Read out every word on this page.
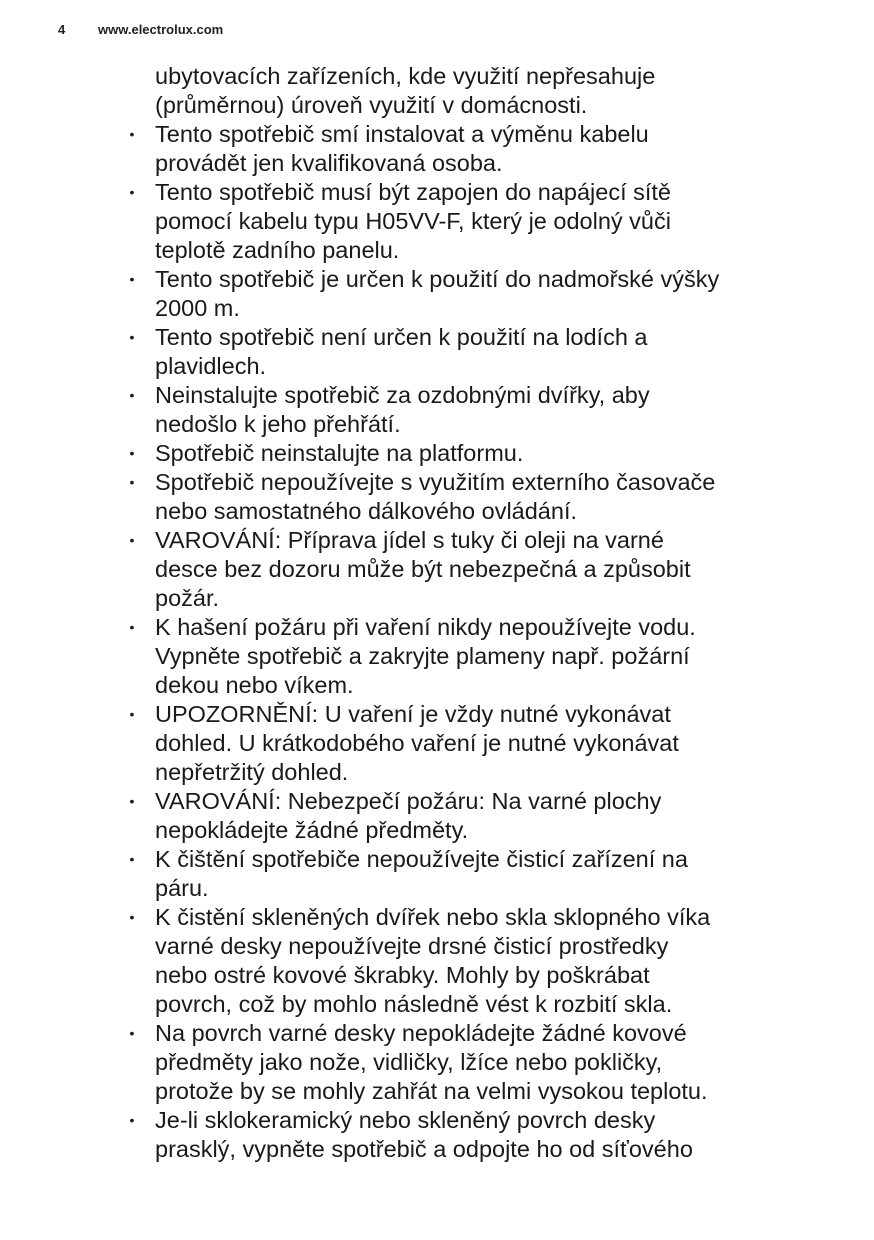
4	www.electrolux.com

ubytovacích zařízeních, kde využití nepřesahuje
(průměrnou) úroveň využití v domácnosti.

• Tento spotřebič smí instalovat a výměnu kabelu
provádět jen kvalifikovaná osoba.
• Tento spotřebič musí být zapojen do napájecí sítě
pomocí kabelu typu H05VV-F, který je odolný vůči
teplotě zadního panelu.
• Tento spotřebič je určen k použití do nadmořské výšky
2000 m.
• Tento spotřebič není určen k použití na lodích a
plavidlech.
• Neinstalujte spotřebič za ozdobnými dvířky, aby
nedošlo k jeho přehřátí.
• Spotřebič neinstalujte na platformu.
• Spotřebič nepoužívejte s využitím externího časovače
nebo samostatného dálkového ovládání.
• VAROVÁNÍ: Příprava jídel s tuky či oleji na varné
desce bez dozoru může být nebezpečná a způsobit
požár.
• K hašení požáru při vaření nikdy nepoužívejte vodu.
Vypněte spotřebič a zakryjte plameny např. požární
dekou nebo víkem.
• UPOZORNĚNÍ: U vaření je vždy nutné vykonávat
dohled. U krátkodobého vaření je nutné vykonávat
nepřetržitý dohled.
• VAROVÁNÍ: Nebezpečí požáru: Na varné plochy
nepokládejte žádné předměty.
• K čištění spotřebiče nepoužívejte čisticí zařízení na
páru.
• K čistění skleněných dvířek nebo skla sklopného víka
varné desky nepoužívejte drsné čisticí prostředky
nebo ostré kovové škrabky. Mohly by poškrábat
povrch, což by mohlo následně vést k rozbití skla.
• Na povrch varné desky nepokládejte žádné kovové
předměty jako nože, vidličky, lžíce nebo pokličky,
protože by se mohly zahřát na velmi vysokou teplotu.
• Je-li sklokeramický nebo skleněný povrch desky
prasklý, vypněte spotřebič a odpojte ho od síťového
